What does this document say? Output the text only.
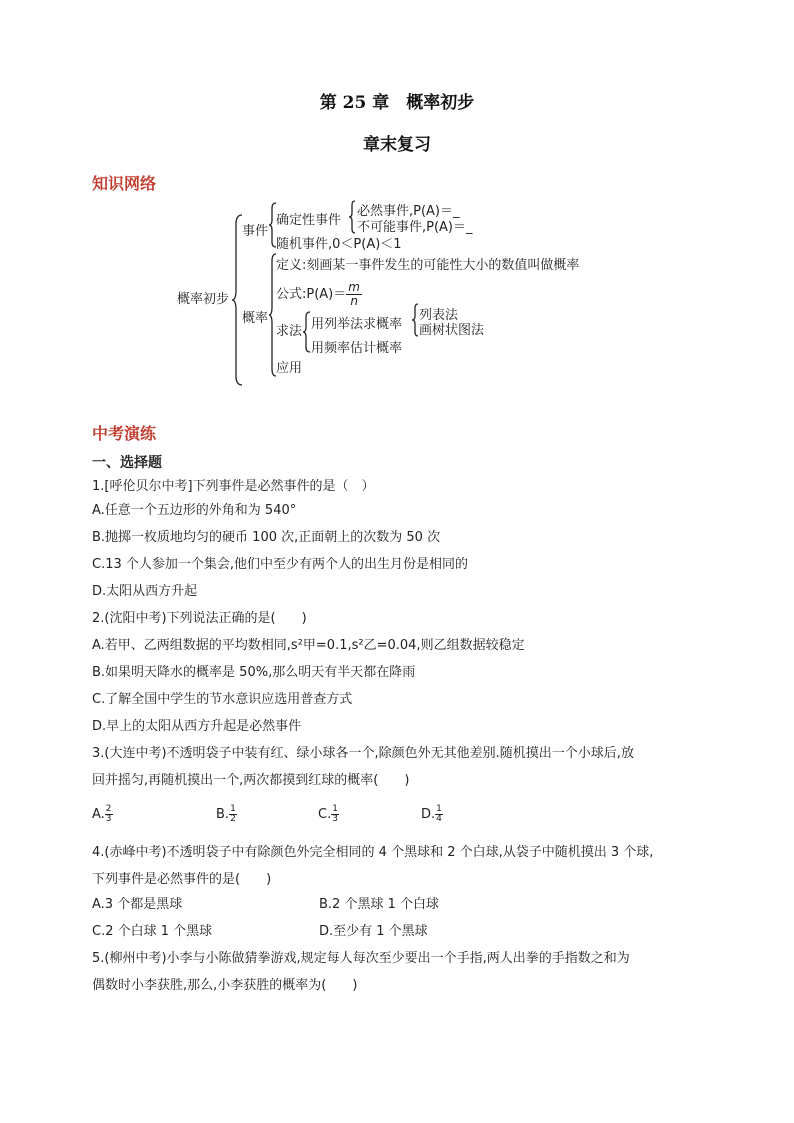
第 25 章　概率初步
章末复习
知识网络
概率初步
事件
确定性事件
必然事件,P(A)＝_
不可能事件,P(A)＝_
随机事件,0＜P(A)＜1
概率
定义:刻画某一事件发生的可能性大小的数值叫做概率
公式:P(A)＝ $\frac{m}{n}$
求法 用列举法求概率
列表法
画树状图法
用频率估计概率
应用
中考演练
一、选择题
1.[呼伦贝尔中考]下列事件是必然事件的是（　）
A.任意一个五边形的外角和为 540°
B.抛掷一枚质地均匀的硬币 100 次,正面朝上的次数为 50 次
C.13 个人参加一个集会,他们中至少有两个人的出生月份是相同的
D.太阳从西方升起
2.(沈阳中考)下列说法正确的是(　　)
A.若甲、乙两组数据的平均数相同,s²甲=0.1,s²乙=0.04,则乙组数据较稳定
B.如果明天降水的概率是 50%,那么明天有半天都在降雨
C.了解全国中学生的节水意识应选用普查方式
D.早上的太阳从西方升起是必然事件
3.(大连中考)不透明袋子中装有红、绿小球各一个,除颜色外无其他差别.随机摸出一个小球后,放
回并摇匀,再随机摸出一个,两次都摸到红球的概率(　　)
A. $\frac{2}{3}$	B. $\frac{1}{2}$	C. $\frac{1}{3}$	D. $\frac{1}{4}$
4.(赤峰中考)不透明袋子中有除颜色外完全相同的 4 个黑球和 2 个白球,从袋子中随机摸出 3 个球,
下列事件是必然事件的是(　　)
A.3 个都是黑球	B.2 个黑球 1 个白球
C.2 个白球 1 个黑球	D.至少有 1 个黑球
5.(柳州中考)小李与小陈做猜拳游戏,规定每人每次至少要出一个手指,两人出拳的手指数之和为
偶数时小李获胜,那么,小李获胜的概率为(　　)
